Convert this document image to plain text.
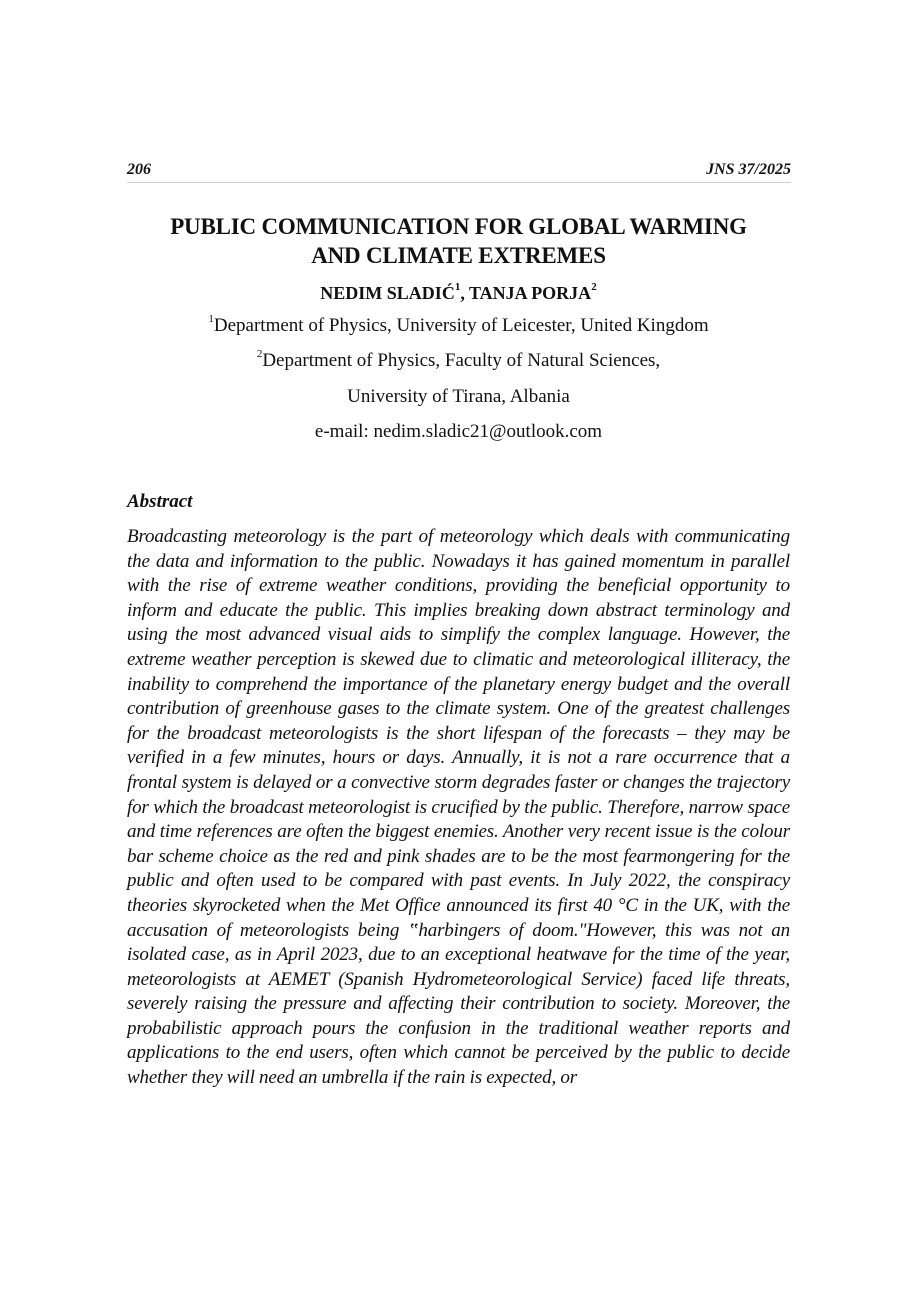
206	JNS 37/2025
PUBLIC COMMUNICATION FOR GLOBAL WARMING
AND CLIMATE EXTREMES
NEDIM SLADIĆ$^1$, TANJA PORJA$^2$
$^1$Department of Physics, University of Leicester, United Kingdom
$^2$Department of Physics, Faculty of Natural Sciences,
University of Tirana, Albania
e-mail: nedim.sladic21@outlook.com
Abstract
Broadcasting meteorology is the part of meteorology which deals with communicating the data and information to the public. Nowadays it has gained momentum in parallel with the rise of extreme weather conditions, providing the beneficial opportunity to inform and educate the public. This implies breaking down abstract terminology and using the most advanced visual aids to simplify the complex language. However, the extreme weather perception is skewed due to climatic and meteorological illiteracy, the inability to comprehend the importance of the planetary energy budget and the overall contribution of greenhouse gases to the climate system. One of the greatest challenges for the broadcast meteorologists is the short lifespan of the forecasts – they may be verified in a few minutes, hours or days. Annually, it is not a rare occurrence that a frontal system is delayed or a convective storm degrades faster or changes the trajectory for which the broadcast meteorologist is crucified by the public. Therefore, narrow space and time references are often the biggest enemies. Another very recent issue is the colour bar scheme choice as the red and pink shades are to be the most fearmongering for the public and often used to be compared with past events. In July 2022, the conspiracy theories skyrocketed when the Met Office announced its first 40 °C in the UK, with the accusation of meteorologists being ‟harbingers of doom."However, this was not an isolated case, as in April 2023, due to an exceptional heatwave for the time of the year, meteorologists at AEMET (Spanish Hydrometeorological Service) faced life threats, severely raising the pressure and affecting their contribution to society. Moreover, the probabilistic approach pours the confusion in the traditional weather reports and applications to the end users, often which cannot be perceived by the public to decide whether they will need an umbrella if the rain is expected, or
